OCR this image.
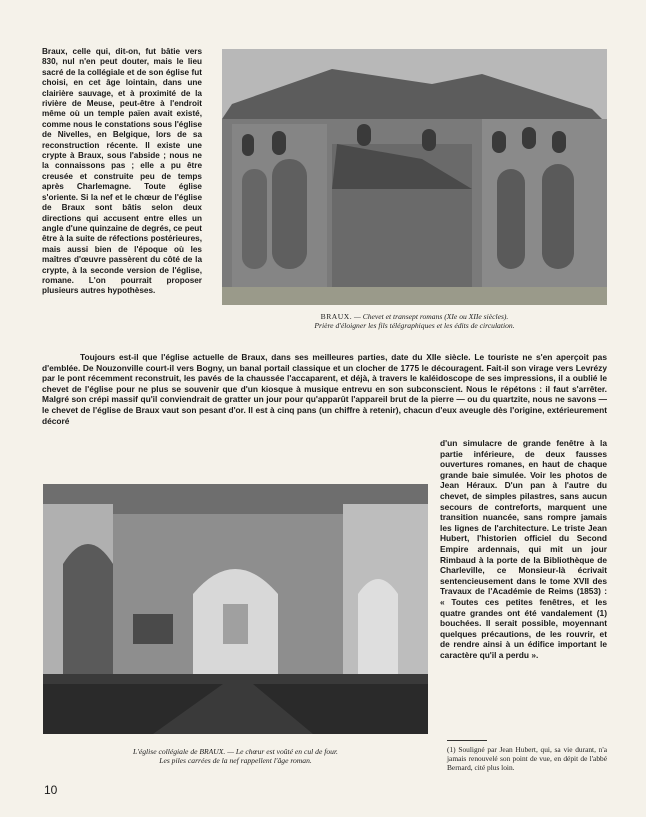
Braux, celle qui, dit-on, fut bâtie vers 830, nul n'en peut douter, mais le lieu sacré de la collégiale et de son église fut choisi, en cet âge lointain, dans une clairière sauvage, et à proximité de la rivière de Meuse, peut-être à l'endroit même où un temple païen avait existé, comme nous le constations sous l'église de Nivelles, en Belgique, lors de sa reconstruction récente. Il existe une crypte à Braux, sous l'abside ; nous ne la connaissons pas ; elle a pu être creusée et construite peu de temps après Charlemagne. Toute église s'oriente. Si la nef et le chœur de l'église de Braux sont bâtis selon deux directions qui accusent entre elles un angle d'une quinzaine de degrés, ce peut être à la suite de réfections postérieures, mais aussi bien de l'époque où les maîtres d'œuvre passèrent du côté de la crypte, à la seconde version de l'église, romane. L'on pourrait proposer plusieurs autres hypothèses.
BRAUX. — Chevet et transept romans (XIe ou XIIe siècles).
Prière d'éloigner les fils télégraphiques et les édits de circulation.

Toujours est-il que l'église actuelle de Braux, dans ses meilleures parties, date du XIIe siècle. Le touriste ne s'en aperçoit pas d'emblée. De Nouzonville court-il vers Bogny, un banal portail classique et un clocher de 1775 le découragent. Fait-il son virage vers Levrézy par le pont récemment reconstruit, les pavés de la chaussée l'accaparent, et déjà, à travers le kaléidoscope de ses impressions, il a oublié le chevet de l'église pour ne plus se souvenir que d'un kiosque à musique entrevu en son subconscient. Nous le répétons : il faut s'arrêter. Malgré son crépi massif qu'il conviendrait de gratter un jour pour qu'apparût l'appareil brut de la pierre — ou du quartzite, nous ne savons — le chevet de l'église de Braux vaut son pesant d'or. Il est à cinq pans (un chiffre à retenir), chacun d'eux aveugle dès l'origine, extérieurement décoré

d'un simulacre de grande fenêtre à la partie inférieure, de deux fausses ouvertures romanes, en haut de chaque grande baie simulée. Voir les photos de Jean Héraux. D'un pan à l'autre du chevet, de simples pilastres, sans aucun secours de contreforts, marquent une transition nuancée, sans rompre jamais les lignes de l'architecture. Le triste Jean Hubert, l'historien officiel du Second Empire ardennais, qui mit un jour Rimbaud à la porte de la Bibliothèque de Charleville, ce Monsieur-là écrivait sentencieusement dans le tome XVII des Travaux de l'Académie de Reims (1853) : « Toutes ces petites fenêtres, et les quatre grandes ont été vandalement (1) bouchées. Il serait possible, moyennant quelques précautions, de les rouvrir, et de rendre ainsi à un édifice important le caractère qu'il a perdu ».
L'église collégiale de BRAUX. — Le chœur est voûté en cul de four.
Les piles carrées de la nef rappellent l'âge roman.
(1) Souligné par Jean Hubert, qui, sa vie durant, n'a jamais renouvelé son point de vue, en dépit de l'abbé Bernard, cité plus loin.
10
